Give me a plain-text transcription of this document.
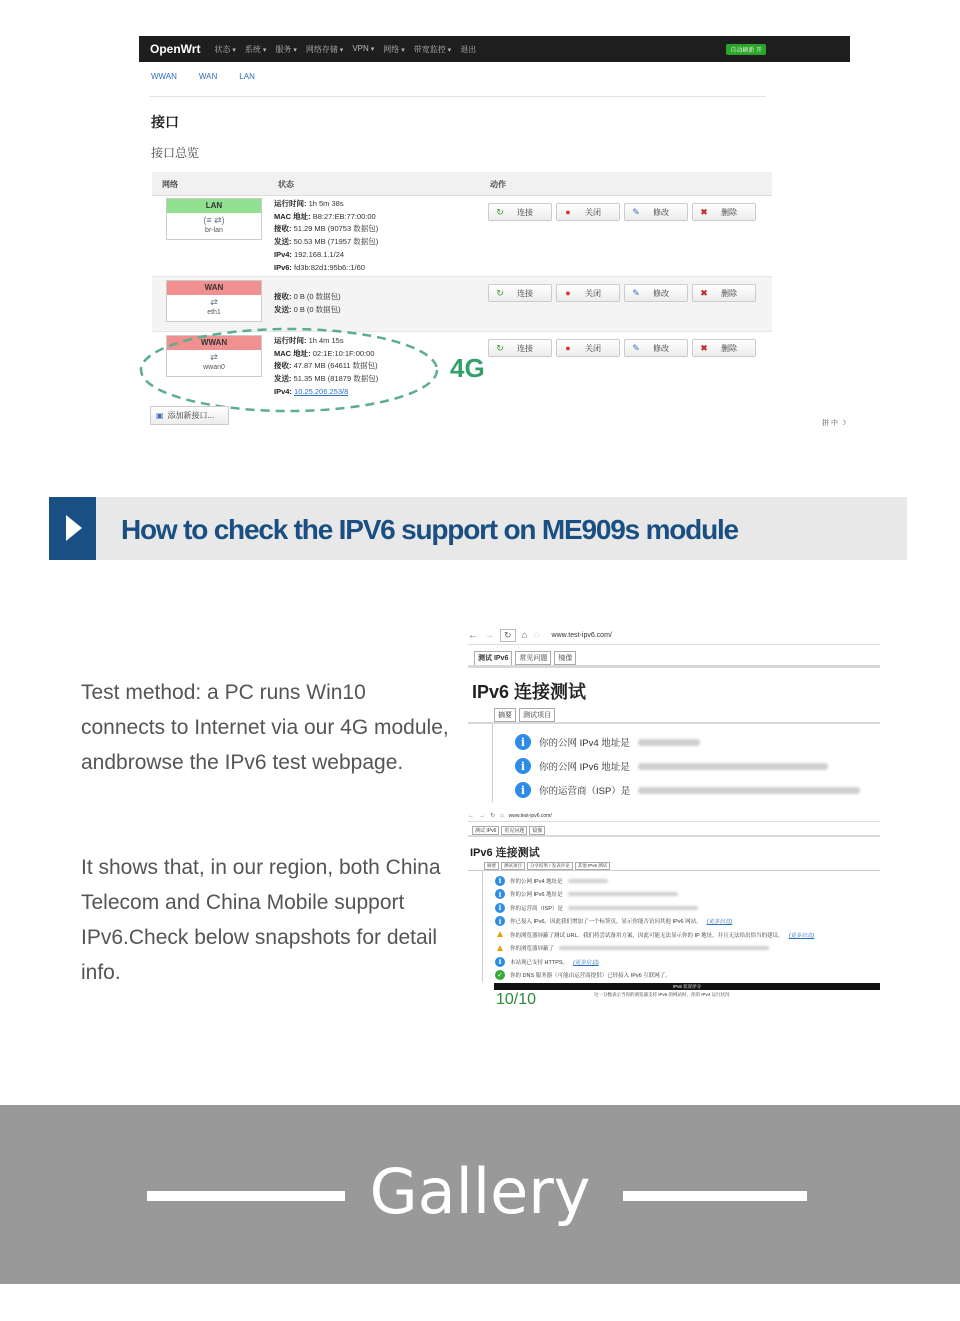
OpenWrt 状态 ▾	系统 ▾	服务 ▾	网络存储 ▾	VPN ▾	网络 ▾	带宽监控 ▾	退出	自动刷新 开
WWAN	WAN	LAN
接口
接口总览
网络	状态	动作
LAN
(≡ ⇄)
br-lan
运行时间: 1h 5m 38s
MAC 地址: B8:27:EB:77:00:00
接收: 51.29 MB (90753 数据包)
发送: 50.53 MB (71957 数据包)
IPv4: 192.168.1.1/24
IPv6: fd3b:82d1:95b6::1/60
↻ 连接	● 关闭	✎ 修改	✖ 删除
WAN
⇄
eth1
接收: 0 B (0 数据包)
发送: 0 B (0 数据包)
↻ 连接	● 关闭	✎ 修改	✖ 删除
WWAN
⇄
wwan0
运行时间: 1h 4m 15s
MAC 地址: 02:1E:10:1F:00:00
接收: 47.87 MB (64611 数据包)
发送: 51.35 MB (81879 数据包)
IPv4: 10.25.206.253/8
↻ 连接	● 关闭	✎ 修改	✖ 删除
4G
▣ 添加新接口...
拼 中 ☽
How to check the IPV6 support on ME909s module
Test method: a PC runs Win10 connects to Internet via our 4G module, andbrowse the IPv6 test webpage.
It shows that, in our region, both China Telecom and China Mobile support IPv6.Check below snapshots for detail info.
← →	↻	⌂ ◌ www.test-ipv6.com/
测试 IPv6	常见问题	镜像
IPv6 连接测试
摘要	测试项目
i	你的公网 IPv4 地址是
i	你的公网 IPv6 地址是
i	你的运营商（ISP）是
← → ↻ ⌂ www.test-ipv6.com/
测试 IPv6	常见问题	镜像
IPv6 连接测试
摘要	测试项目	分享结果 / 发表评论	其他 IPv6 测试
i	你的公网 IPv4 地址是
i	你的公网 IPv6 地址是
i	你的运营商（ISP）是
i	你已接入 IPv6，因此我们增加了一个标签页，显示你能否访问其他 IPv6 网站。 (更多信息)
▲ 你的浏览器屏蔽了测试 URL。我们将尝试备用方案，因此可能无法显示你的 IP 地址，并且无法给出恰当的建议。 (更多信息)
▲ 你的浏览器屏蔽了
i	本站现已支持 HTTPS。 (更多信息)
✓	你的 DNS 服务器（可能由运营商提供）已经接入 IPv6 互联网了。
IPv6 状况评分
10/10	这一分数表示当你的浏览器支持 IPv6 的网站时，你的 IPv4 运行状况
Gallery
